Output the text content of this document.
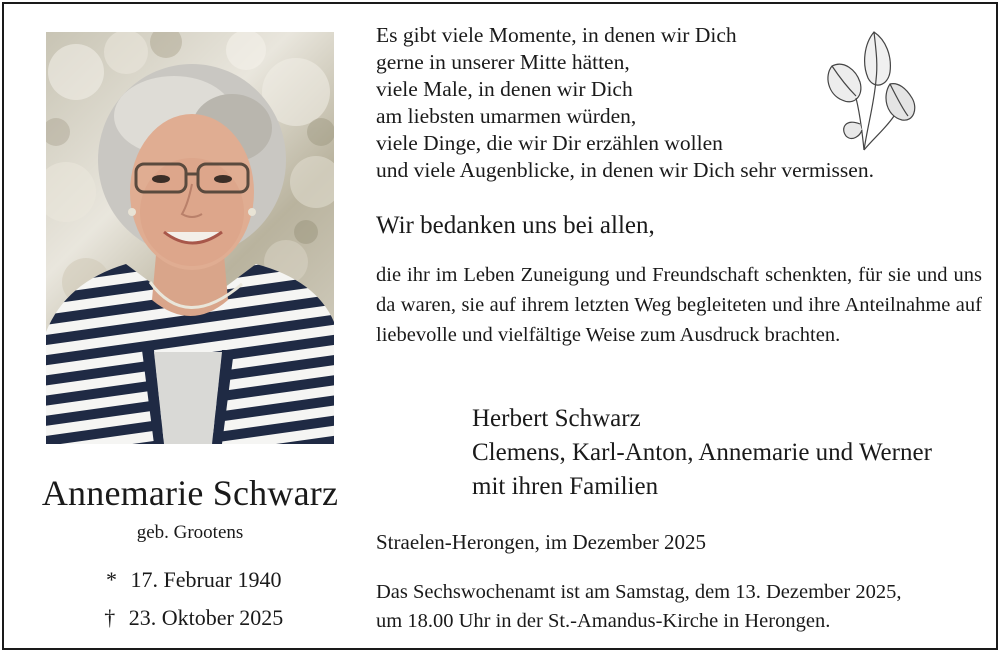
Annemarie Schwarz
geb. Grootens
* 17. Februar 1940
† 23. Oktober 2025
Es gibt viele Momente, in denen wir Dich
gerne in unserer Mitte hätten,
viele Male, in denen wir Dich
am liebsten umarmen würden,
viele Dinge, die wir Dir erzählen wollen
und viele Augenblicke, in denen wir Dich sehr vermissen.
Wir bedanken uns bei allen,
die ihr im Leben Zuneigung und Freundschaft schenkten, für sie und uns da waren, sie auf ihrem letzten Weg begleiteten und ihre Anteilnahme auf liebevolle und vielfältige Weise zum Ausdruck brachten.
Herbert Schwarz
Clemens, Karl-Anton, Annemarie und Werner
mit ihren Familien
Straelen-Herongen, im Dezember 2025
Das Sechswochenamt ist am Samstag, dem 13. Dezember 2025,
um 18.00 Uhr in der St.-Amandus-Kirche in Herongen.
